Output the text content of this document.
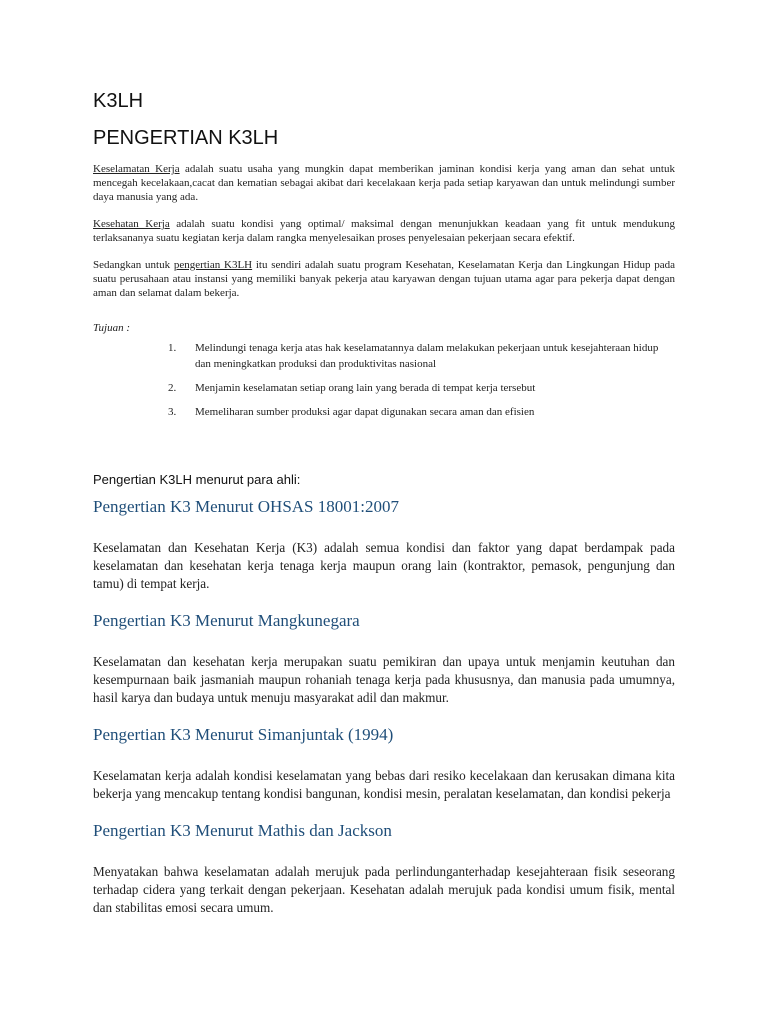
K3LH
PENGERTIAN K3LH

Keselamatan Kerja adalah suatu usaha yang mungkin dapat memberikan jaminan kondisi kerja yang aman dan sehat untuk mencegah kecelakaan,cacat dan kematian sebagai akibat dari kecelakaan kerja pada setiap karyawan dan untuk melindungi sumber daya manusia yang ada.

Kesehatan Kerja adalah suatu kondisi yang optimal/ maksimal dengan menunjukkan keadaan yang fit untuk mendukung terlaksananya suatu kegiatan kerja dalam rangka menyelesaikan proses penyelesaian pekerjaan secara efektif.

Sedangkan untuk pengertian K3LH itu sendiri adalah suatu program Kesehatan, Keselamatan Kerja dan Lingkungan Hidup pada suatu perusahaan atau instansi yang memiliki banyak pekerja atau karyawan dengan tujuan utama agar para pekerja dapat dengan aman dan selamat dalam bekerja.

Tujuan :
1.	Melindungi tenaga kerja atas hak keselamatannya dalam melakukan pekerjaan untuk kesejahteraan hidup dan meningkatkan produksi dan produktivitas nasional
2.	Menjamin keselamatan setiap orang lain yang berada di tempat kerja tersebut
3.	Memeliharan sumber produksi agar dapat digunakan secara aman dan efisien
Pengertian K3LH menurut para ahli:
Pengertian K3 Menurut OHSAS 18001:2007

Keselamatan dan Kesehatan Kerja (K3) adalah semua kondisi dan faktor yang dapat berdampak pada keselamatan dan kesehatan kerja tenaga kerja maupun orang lain (kontraktor, pemasok, pengunjung dan tamu) di tempat kerja.

Pengertian K3 Menurut Mangkunegara

Keselamatan dan kesehatan kerja merupakan suatu pemikiran dan upaya untuk menjamin keutuhan dan kesempurnaan baik jasmaniah maupun rohaniah tenaga kerja pada khususnya, dan manusia pada umumnya, hasil karya dan budaya untuk menuju masyarakat adil dan makmur.

Pengertian K3 Menurut Simanjuntak (1994)

Keselamatan kerja adalah kondisi keselamatan yang bebas dari resiko kecelakaan dan kerusakan dimana kita bekerja yang mencakup tentang kondisi bangunan, kondisi mesin, peralatan keselamatan, dan kondisi pekerja

Pengertian K3 Menurut Mathis dan Jackson

Menyatakan bahwa keselamatan adalah merujuk pada perlindunganterhadap kesejahteraan fisik seseorang terhadap cidera yang terkait dengan pekerjaan. Kesehatan adalah merujuk pada kondisi umum fisik, mental dan stabilitas emosi secara umum.
